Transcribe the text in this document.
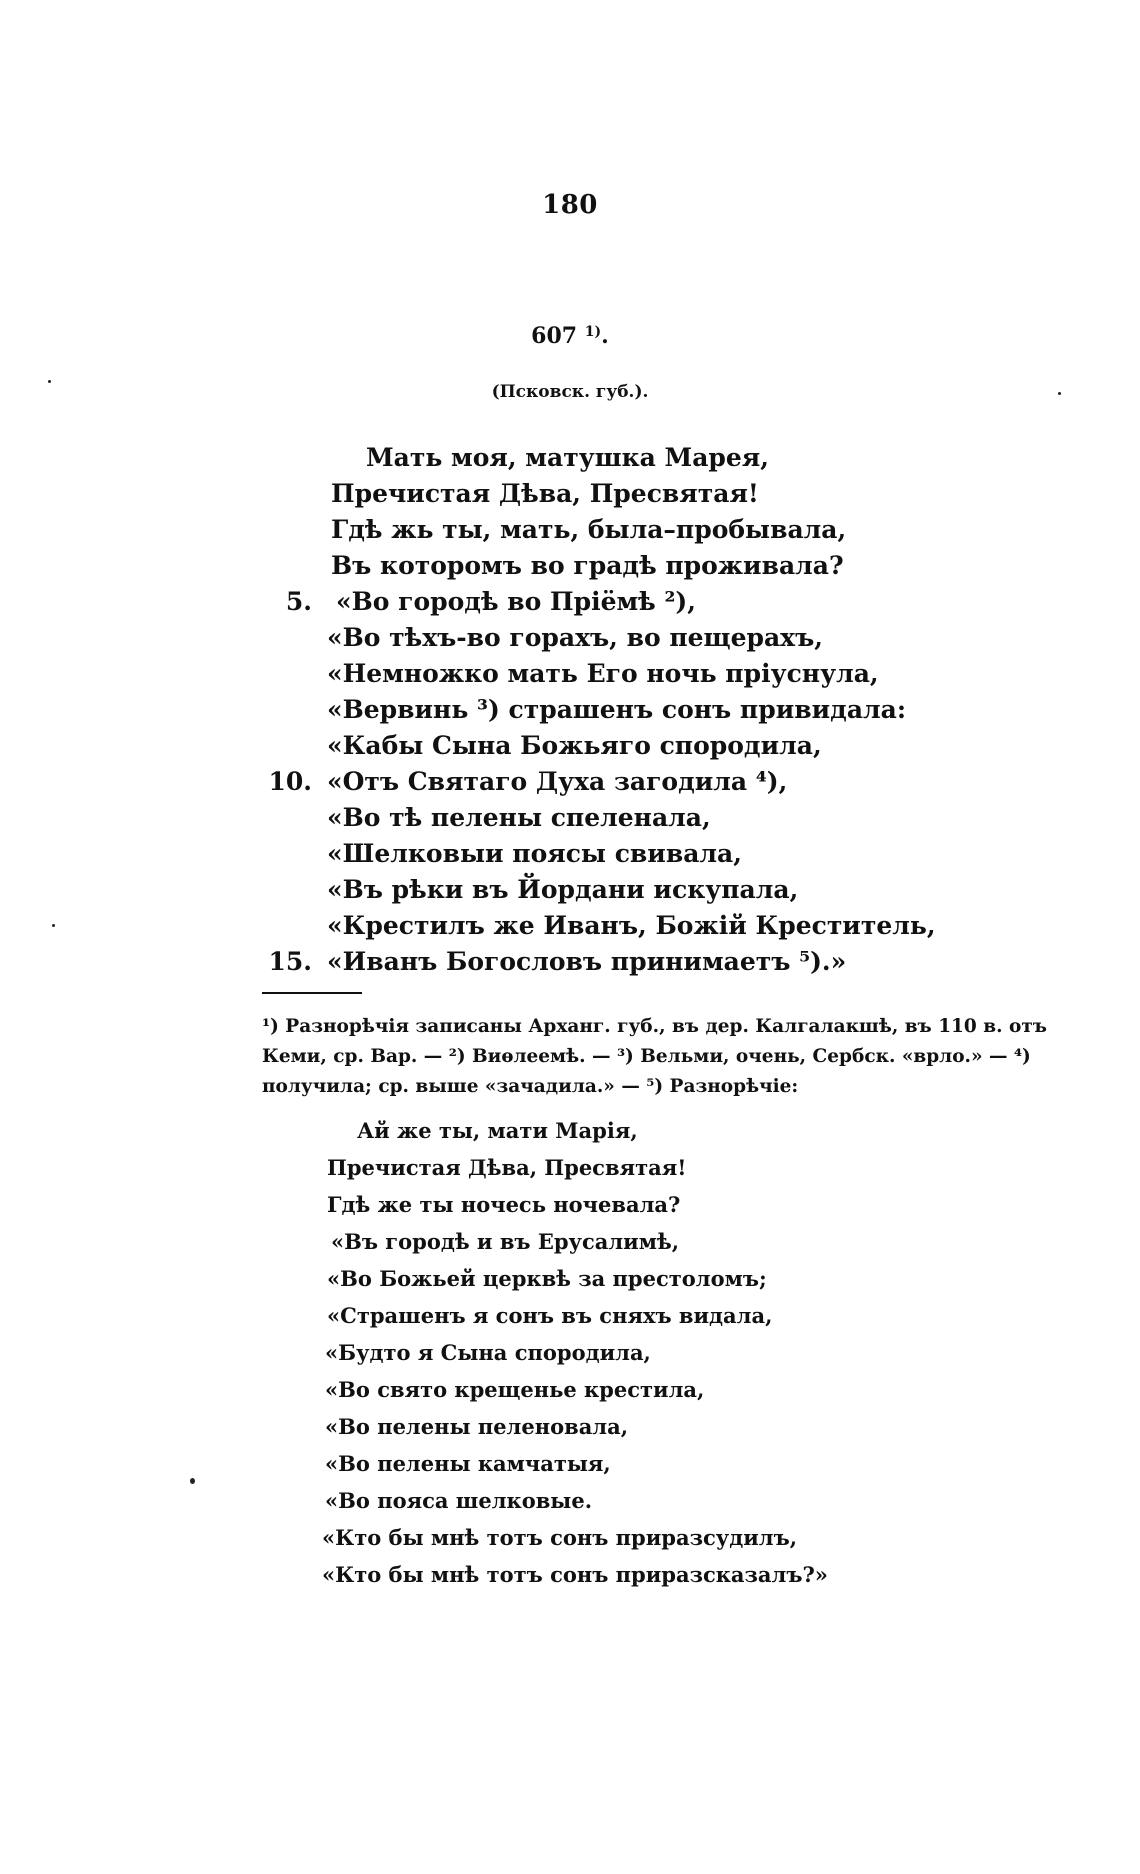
180
607 $^{1)}$.
(Псковск. губ.).
Мать моя, матушка Марея,
Пречистая Дѣва, Пресвятая!
Гдѣ жь ты, мать, была–пробывала,
Въ которомъ во градѣ проживала?
5. «Во городѣ во Пріёмѣ ²),
«Во тѣхъ-во горахъ, во пещерахъ,
«Немножко мать Его ночь пріуснула,
«Вервинь ³) страшенъ сонъ привидала:
«Кабы Сына Божьяго спородила,
10. «Отъ Святаго Духа загодила ⁴),
«Во тѣ пелены спеленала,
«Шелковыи поясы свивала,
«Въ рѣки въ Йордани искупала,
«Крестилъ же Иванъ, Божій Креститель,
15. «Иванъ Богословъ принимаетъ ⁵).»
¹) Разнорѣчія записаны Арханг. губ., въ дер. Калгалакшѣ, въ 110 в. отъ
Кеми, ср. Вар. — ²) Виѳлеемѣ. — ³) Вельми, очень, Сербск. «врло.» — ⁴)
получила; ср. выше «зачадила.» — ⁵) Разнорѣчіе:
Ай же ты, мати Марія,
Пречистая Дѣва, Пресвятая!
Гдѣ же ты ночесь ночевала?
«Въ городѣ и въ Ерусалимѣ,
«Во Божьей церквѣ за престоломъ;
«Страшенъ я сонъ въ сняхъ видала,
«Будто я Сына спородила,
«Во свято крещенье крестила,
«Во пелены пеленовала,
«Во пелены камчатыя,
«Во пояса шелковые.
«Кто бы мнѣ тотъ сонъ приразсудилъ,
«Кто бы мнѣ тотъ сонъ приразсказалъ?»
